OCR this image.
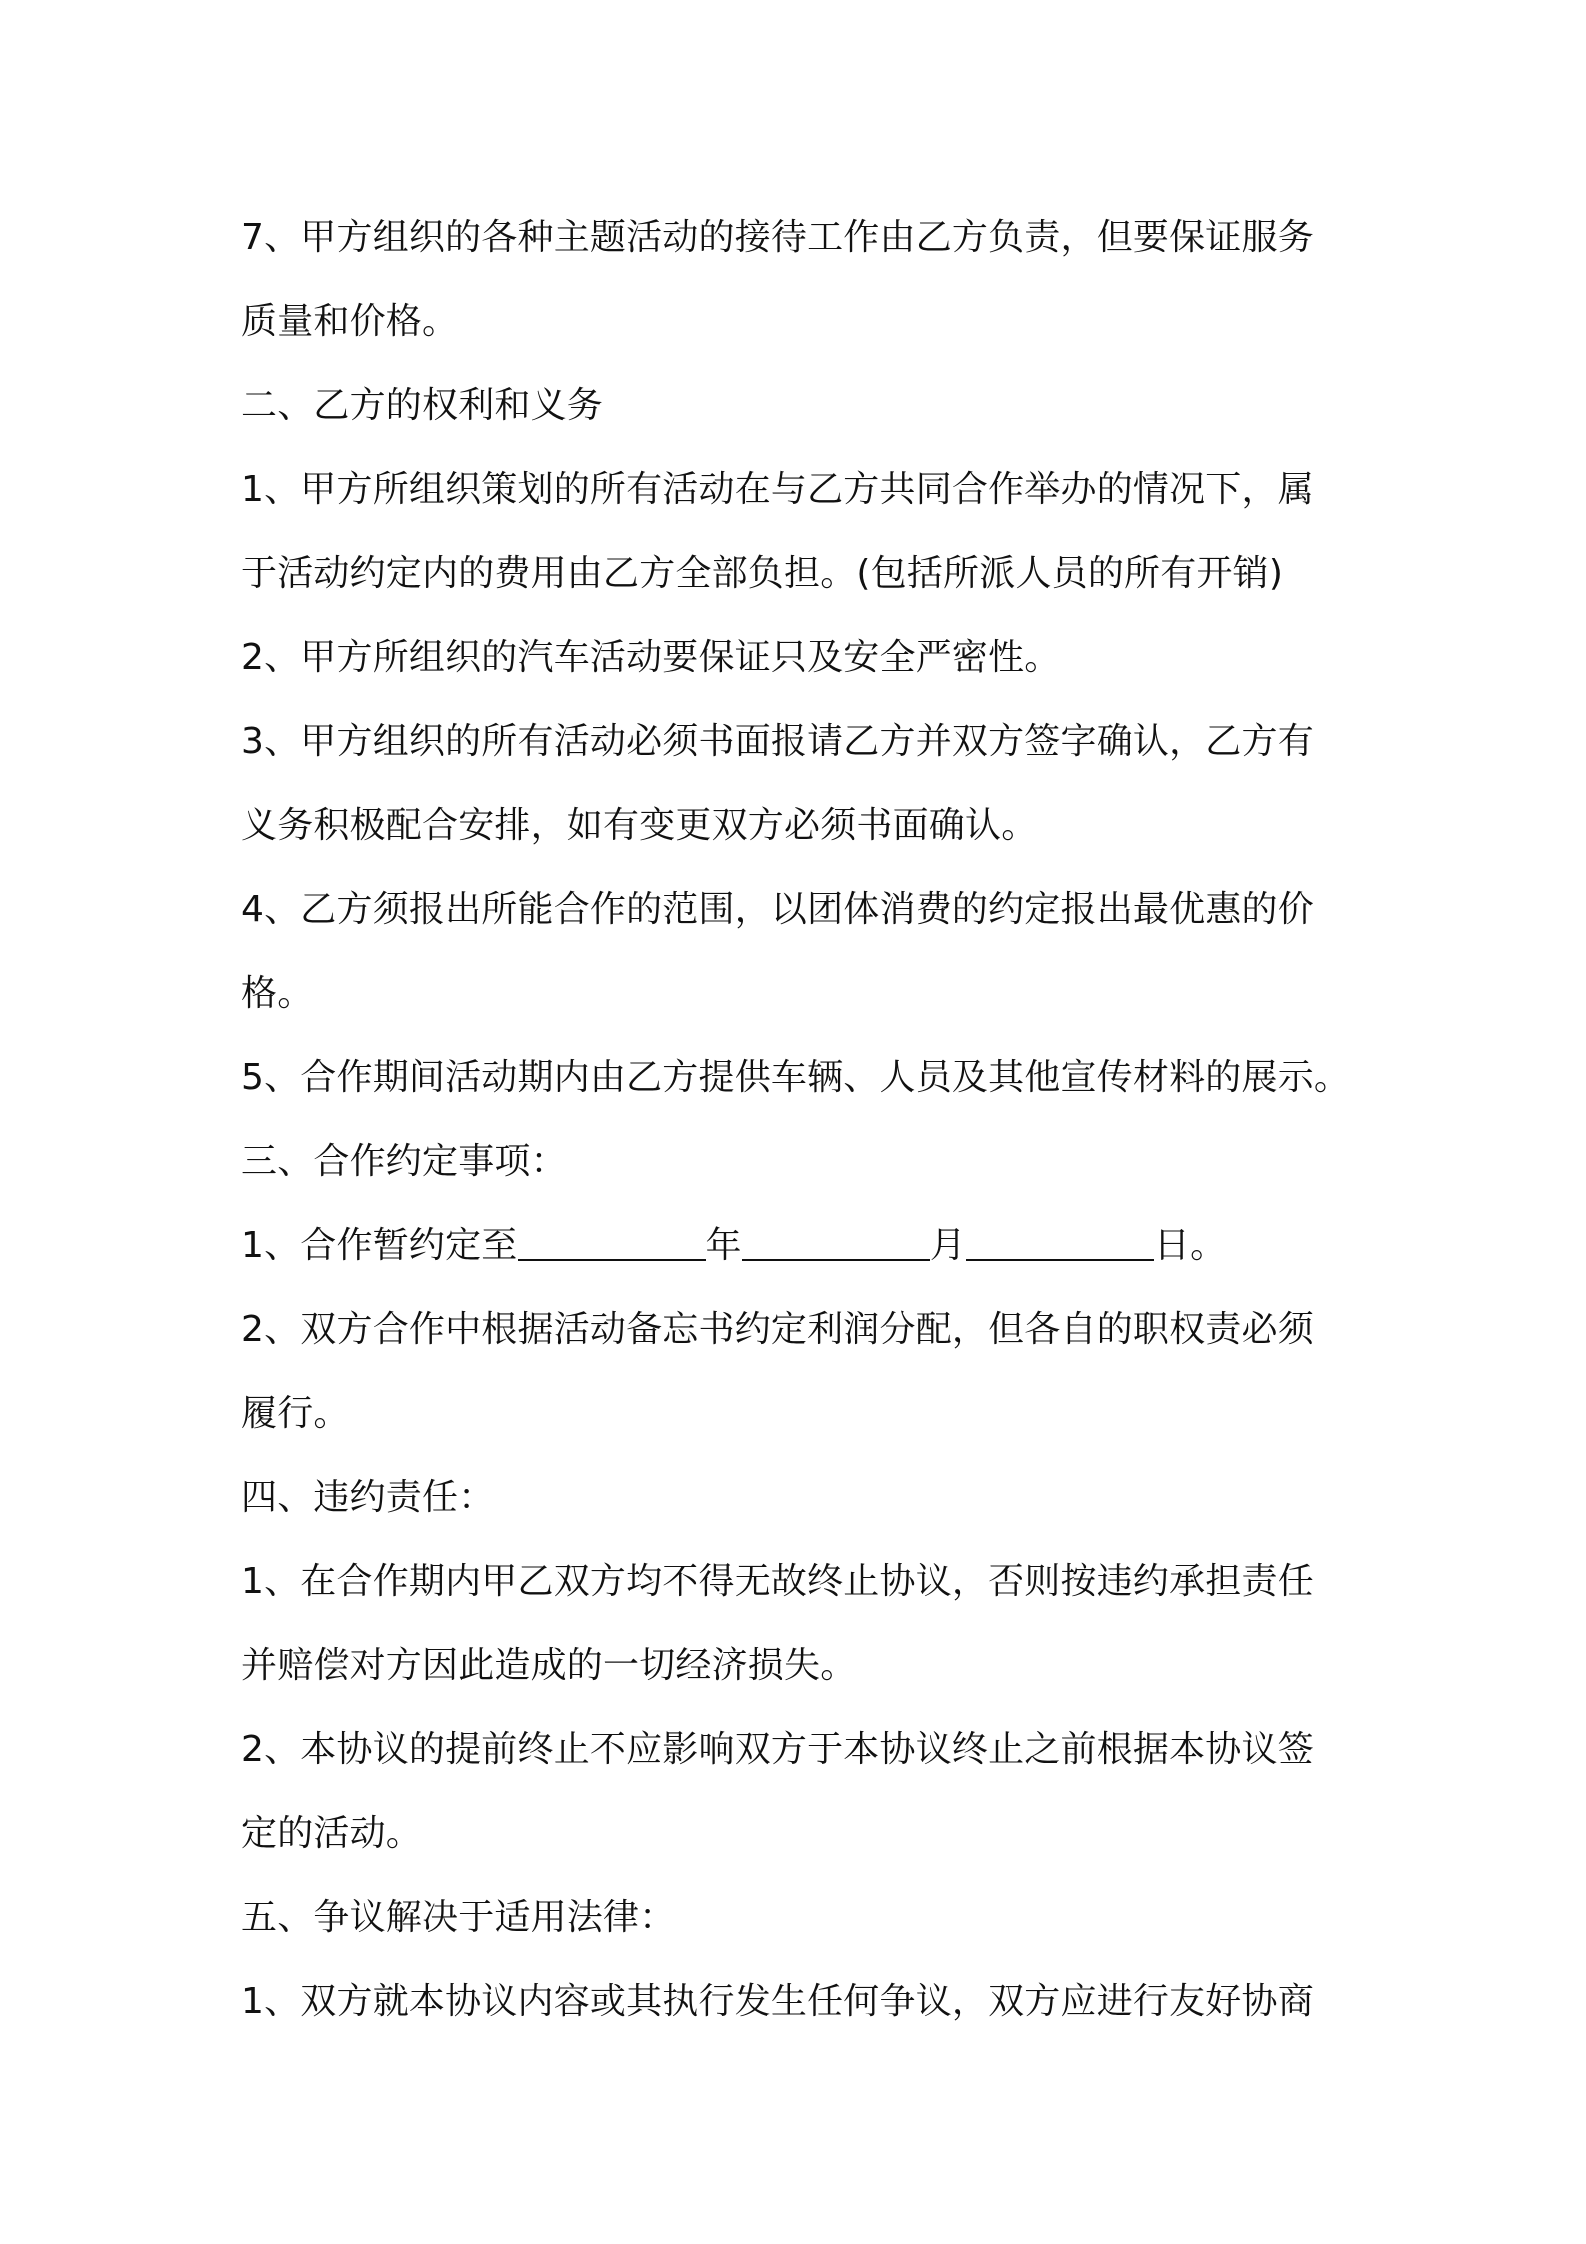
7、甲方组织的各种主题活动的接待工作由乙方负责，但要保证服务
质量和价格。
二、乙方的权利和义务
1、甲方所组织策划的所有活动在与乙方共同合作举办的情况下，属
于活动约定内的费用由乙方全部负担。(包括所派人员的所有开销)
2、甲方所组织的汽车活动要保证只及安全严密性。
3、甲方组织的所有活动必须书面报请乙方并双方签字确认，乙方有
义务积极配合安排，如有变更双方必须书面确认。
4、乙方须报出所能合作的范围，以团体消费的约定报出最优惠的价
格。
5、合作期间活动期内由乙方提供车辆、人员及其他宣传材料的展示。
三、合作约定事项：
1、合作暂约定至	年	月	日。
2、双方合作中根据活动备忘书约定利润分配，但各自的职权责必须
履行。
四、违约责任：
1、在合作期内甲乙双方均不得无故终止协议，否则按违约承担责任
并赔偿对方因此造成的一切经济损失。
2、本协议的提前终止不应影响双方于本协议终止之前根据本协议签
定的活动。
五、争议解决于适用法律：
1、双方就本协议内容或其执行发生任何争议，双方应进行友好协商
